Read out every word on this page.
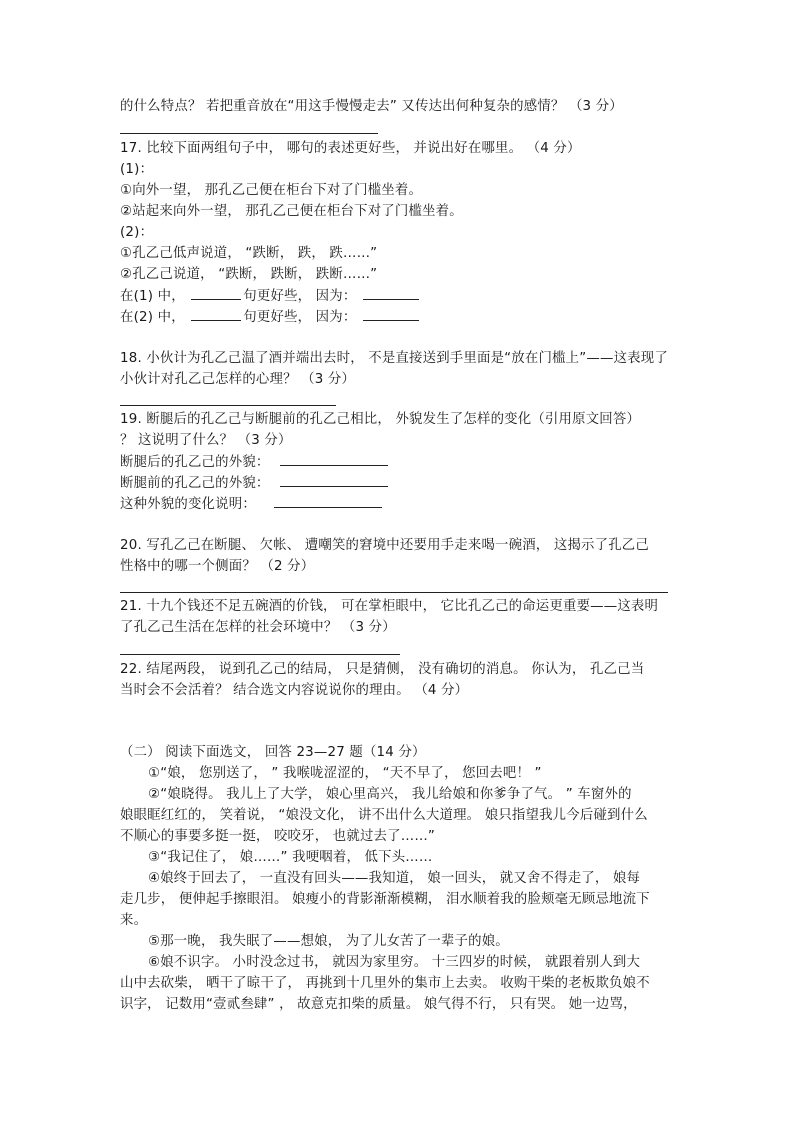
的什么特点？ 若把重音放在“用这手慢慢走去” 又传达出何种复杂的感情？ （3 分）
17. 比较下面两组句子中， 哪句的表述更好些， 并说出好在哪里。 （4 分）
(1)：
①向外一望， 那孔乙己便在柜台下对了门槛坐着。
②站起来向外一望， 那孔乙己便在柜台下对了门槛坐着。
(2)：
①孔乙己低声说道， “跌断， 跌， 跌……”
②孔乙己说道， “跌断， 跌断， 跌断……”
在(1) 中，	句更好些， 因为：
在(2) 中，	句更好些， 因为：
18. 小伙计为孔乙己温了酒并端出去时， 不是直接送到手里面是“放在门槛上”——这表现了
小伙计对孔乙己怎样的心理？ （3 分）
19. 断腿后的孔乙己与断腿前的孔乙己相比， 外貌发生了怎样的变化（引用原文回答）
？ 这说明了什么？ （3 分）
断腿后的孔乙己的外貌：
断腿前的孔乙己的外貌：
这种外貌的变化说明：
20. 写孔乙己在断腿、 欠帐、 遭嘲笑的窘境中还要用手走来喝一碗酒， 这揭示了孔乙己
性格中的哪一个侧面？ （2 分）
21. 十九个钱还不足五碗酒的价钱， 可在掌柜眼中， 它比孔乙己的命运更重要——这表明
了孔乙己生活在怎样的社会环境中？ （3 分）
22. 结尾两段， 说到孔乙己的结局， 只是猜侧， 没有确切的消息。 你认为， 孔乙己当
当时会不会活着？ 结合选文内容说说你的理由。 （4 分）
（二） 阅读下面选文， 回答 23—27 题（14 分）
①“娘， 您别送了， ” 我喉咙涩涩的， “天不早了， 您回去吧！ ”
②“娘晓得。 我儿上了大学， 娘心里高兴， 我儿给娘和你爹争了气。 ” 车窗外的
娘眼眶红红的， 笑着说， “娘没文化， 讲不出什么大道理。 娘只指望我儿今后碰到什么
不顺心的事要多挺一挺， 咬咬牙， 也就过去了……”
③“我记住了， 娘……” 我哽咽着， 低下头……
④娘终于回去了， 一直没有回头——我知道， 娘一回头， 就又舍不得走了， 娘每
走几步， 便伸起手擦眼泪。 娘瘦小的背影渐渐模糊， 泪水顺着我的脸颊毫无顾忌地流下
来。
⑤那一晚， 我失眠了——想娘， 为了儿女苦了一辈子的娘。
⑥娘不识字。 小时没念过书， 就因为家里穷。 十三四岁的时候， 就跟着别人到大
山中去砍柴， 晒干了晾干了， 再挑到十几里外的集市上去卖。 收购干柴的老板欺负娘不
识字， 记数用“壹贰叁肆” ， 故意克扣柴的质量。 娘气得不行， 只有哭。 她一边骂，
